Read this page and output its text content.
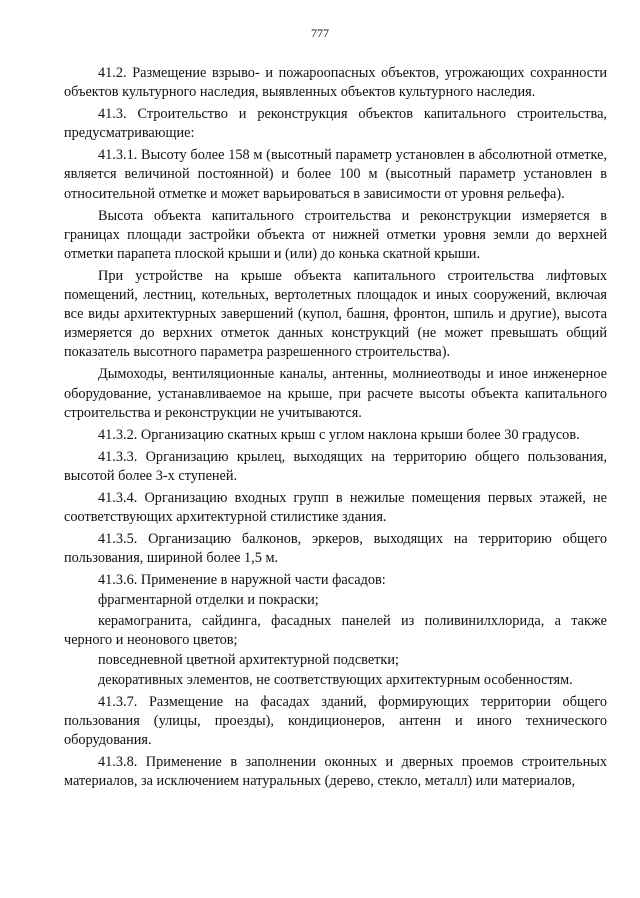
777

41.2. Размещение взрыво- и пожароопасных объектов, угрожающих сохранности объектов культурного наследия, выявленных объектов культурного наследия.

41.3. Строительство и реконструкция объектов капитального строительства, предусматривающие:

41.3.1. Высоту более 158 м (высотный параметр установлен в абсолютной отметке, является величиной постоянной) и более 100 м (высотный параметр установлен в относительной отметке и может варьироваться в зависимости от уровня рельефа).

Высота объекта капитального строительства и реконструкции измеряется в границах площади застройки объекта от нижней отметки уровня земли до верхней отметки парапета плоской крыши и (или) до конька скатной крыши.

При устройстве на крыше объекта капитального строительства лифтовых помещений, лестниц, котельных, вертолетных площадок и иных сооружений, включая все виды архитектурных завершений (купол, башня, фронтон, шпиль и другие), высота измеряется до верхних отметок данных конструкций (не может превышать общий показатель высотного параметра разрешенного строительства).

Дымоходы, вентиляционные каналы, антенны, молниеотводы и иное инженерное оборудование, устанавливаемое на крыше, при расчете высоты объекта капитального строительства и реконструкции не учитываются.

41.3.2. Организацию скатных крыш с углом наклона крыши более 30 градусов.

41.3.3. Организацию крылец, выходящих на территорию общего пользования, высотой более 3-х ступеней.

41.3.4. Организацию входных групп в нежилые помещения первых этажей, не соответствующих архитектурной стилистике здания.

41.3.5. Организацию балконов, эркеров, выходящих на территорию общего пользования, шириной более 1,5 м.

41.3.6. Применение в наружной части фасадов:

фрагментарной отделки и покраски;

керамогранита, сайдинга, фасадных панелей из поливинилхлорида, а также черного и неонового цветов;

повседневной цветной архитектурной подсветки;

декоративных элементов, не соответствующих архитектурным особенностям.

41.3.7. Размещение на фасадах зданий, формирующих территории общего пользования (улицы, проезды), кондиционеров, антенн и иного технического оборудования.

41.3.8. Применение в заполнении оконных и дверных проемов строительных материалов, за исключением натуральных (дерево, стекло, металл) или материалов,
